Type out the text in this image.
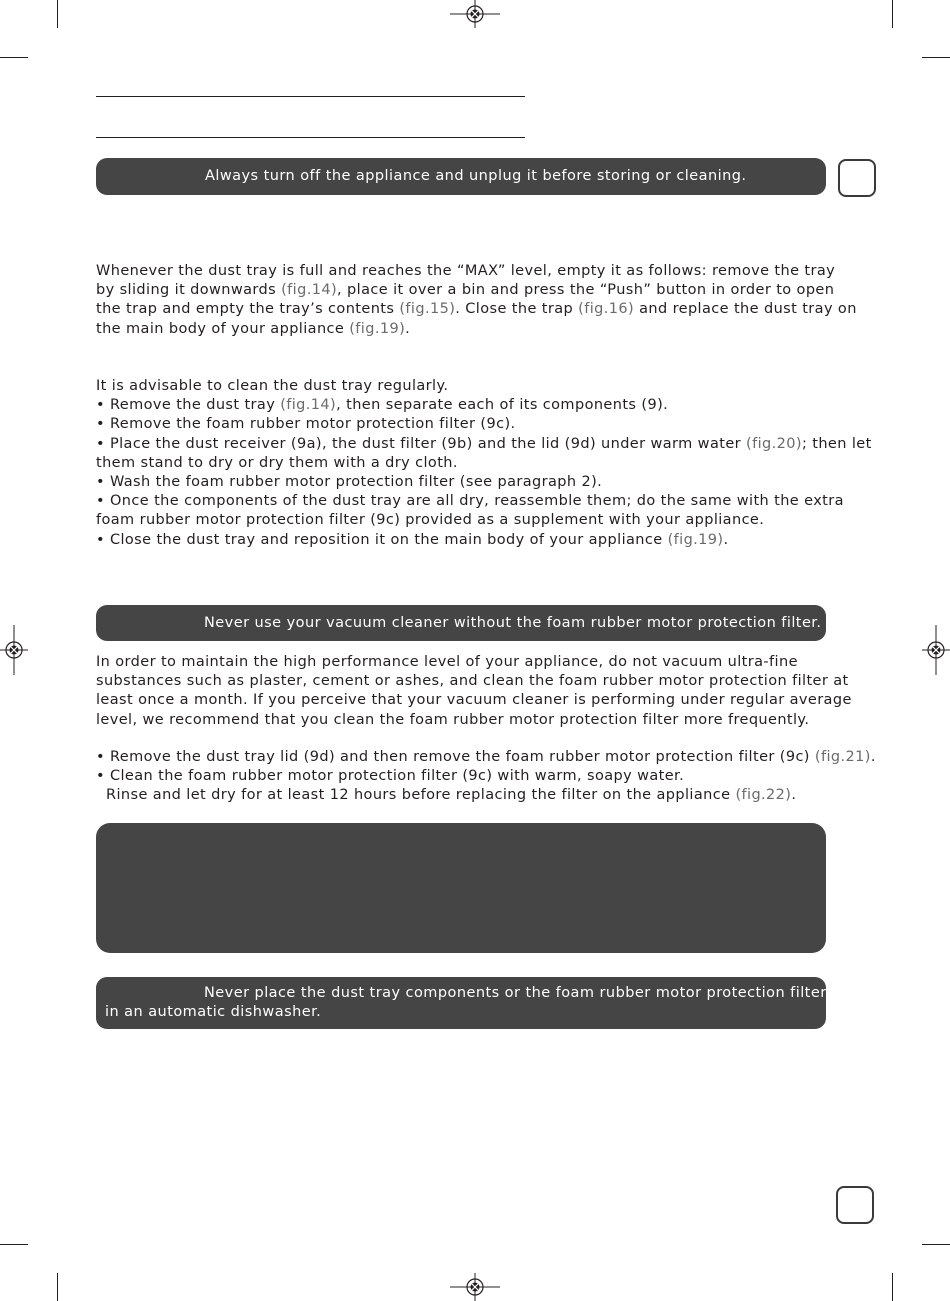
Always turn off the appliance and unplug it before storing or cleaning.
Whenever the dust tray is full and reaches the “MAX” level, empty it as follows: remove the tray
by sliding it downwards (fig.14), place it over a bin and press the “Push” button in order to open
the trap and empty the tray’s contents (fig.15). Close the trap (fig.16) and replace the dust tray on
the main body of your appliance (fig.19).
It is advisable to clean the dust tray regularly.
• Remove the dust tray (fig.14), then separate each of its components (9).
• Remove the foam rubber motor protection filter (9c).
• Place the dust receiver (9a), the dust filter (9b) and the lid (9d) under warm water (fig.20); then let
them stand to dry or dry them with a dry cloth.
• Wash the foam rubber motor protection filter (see paragraph 2).
• Once the components of the dust tray are all dry, reassemble them; do the same with the extra
foam rubber motor protection filter (9c) provided as a supplement with your appliance.
• Close the dust tray and reposition it on the main body of your appliance (fig.19).
Never use your vacuum cleaner without the foam rubber motor protection filter.
In order to maintain the high performance level of your appliance, do not vacuum ultra-fine
substances such as plaster, cement or ashes, and clean the foam rubber motor protection filter at
least once a month. If you perceive that your vacuum cleaner is performing under regular average
level, we recommend that you clean the foam rubber motor protection filter more frequently.
• Remove the dust tray lid (9d) and then remove the foam rubber motor protection filter (9c) (fig.21).
• Clean the foam rubber motor protection filter (9c) with warm, soapy water.
Rinse and let dry for at least 12 hours before replacing the filter on the appliance (fig.22).
Never place the dust tray components or the foam rubber motor protection filter
in an automatic dishwasher.
